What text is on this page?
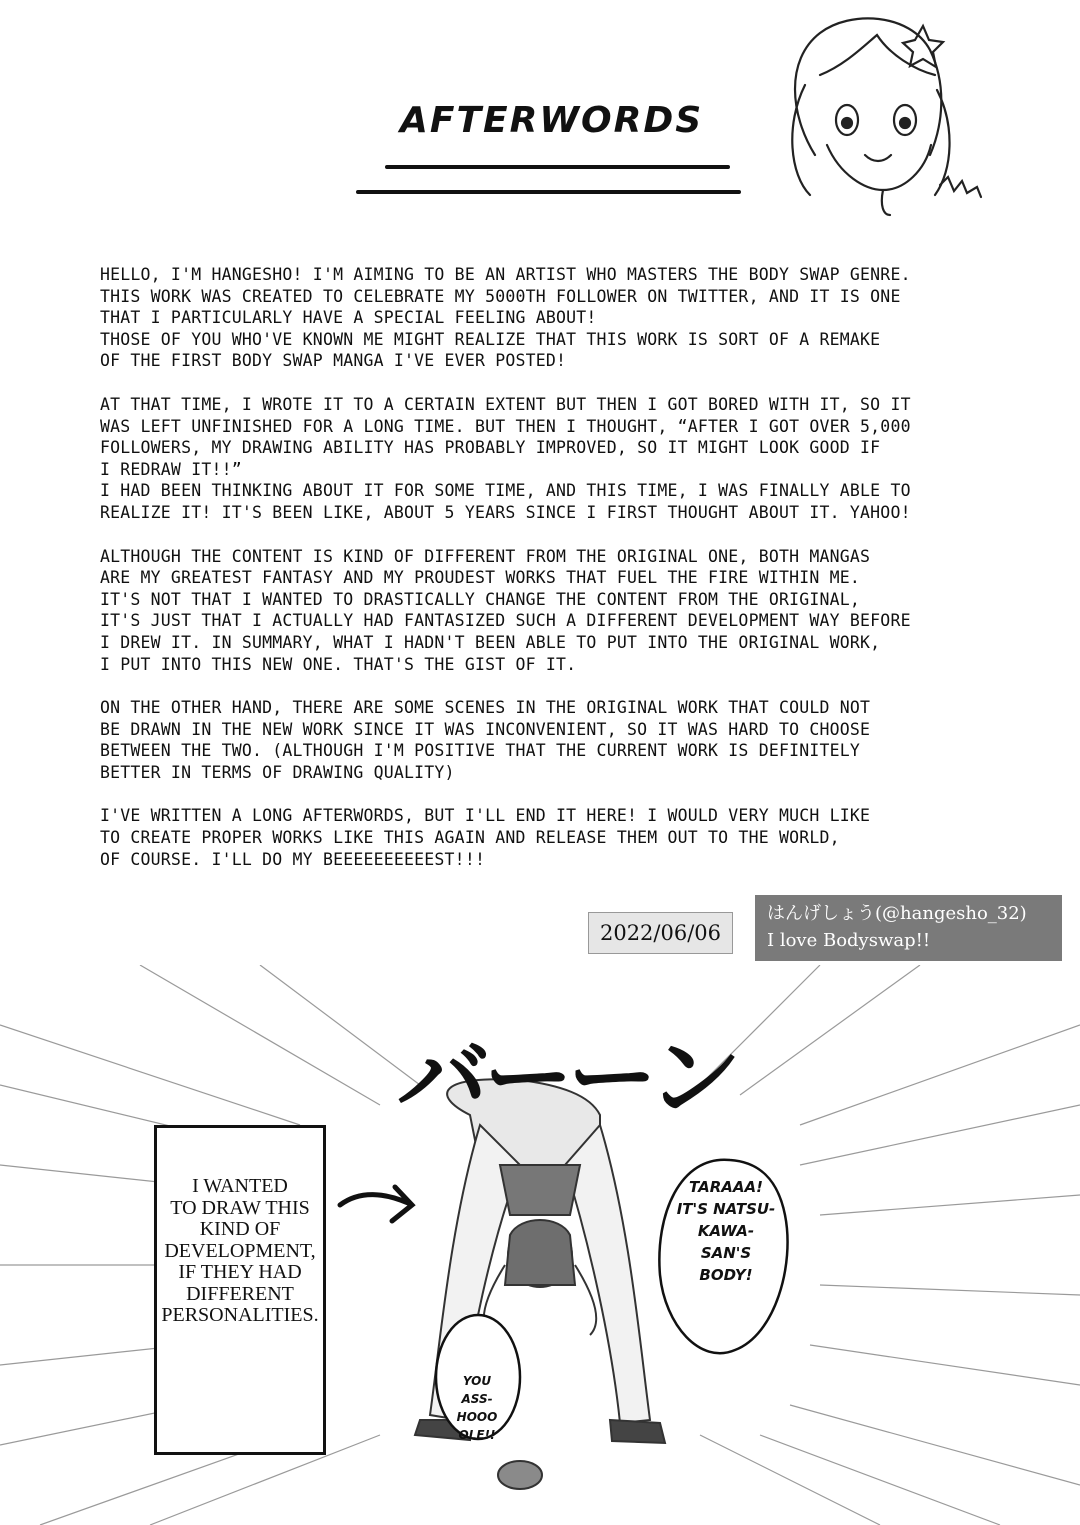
AFTERWORDS

HELLO, I'M HANGESHO! I'M AIMING TO BE AN ARTIST WHO MASTERS THE BODY SWAP GENRE.
THIS WORK WAS CREATED TO CELEBRATE MY 5000TH FOLLOWER ON TWITTER, AND IT IS ONE
THAT I PARTICULARLY HAVE A SPECIAL FEELING ABOUT!
THOSE OF YOU WHO'VE KNOWN ME MIGHT REALIZE THAT THIS WORK IS SORT OF A REMAKE
OF THE FIRST BODY SWAP MANGA I'VE EVER POSTED!

AT THAT TIME, I WROTE IT TO A CERTAIN EXTENT BUT THEN I GOT BORED WITH IT, SO IT
WAS LEFT UNFINISHED FOR A LONG TIME. BUT THEN I THOUGHT, “AFTER I GOT OVER 5,000
FOLLOWERS, MY DRAWING ABILITY HAS PROBABLY IMPROVED, SO IT MIGHT LOOK GOOD IF
I REDRAW IT!!”
I HAD BEEN THINKING ABOUT IT FOR SOME TIME, AND THIS TIME, I WAS FINALLY ABLE TO
REALIZE IT! IT'S BEEN LIKE, ABOUT 5 YEARS SINCE I FIRST THOUGHT ABOUT IT. YAHOO!

ALTHOUGH THE CONTENT IS KIND OF DIFFERENT FROM THE ORIGINAL ONE, BOTH MANGAS
ARE MY GREATEST FANTASY AND MY PROUDEST WORKS THAT FUEL THE FIRE WITHIN ME.
IT'S NOT THAT I WANTED TO DRASTICALLY CHANGE THE CONTENT FROM THE ORIGINAL,
IT'S JUST THAT I ACTUALLY HAD FANTASIZED SUCH A DIFFERENT DEVELOPMENT WAY BEFORE
I DREW IT. IN SUMMARY, WHAT I HADN'T BEEN ABLE TO PUT INTO THE ORIGINAL WORK,
I PUT INTO THIS NEW ONE. THAT'S THE GIST OF IT.

ON THE OTHER HAND, THERE ARE SOME SCENES IN THE ORIGINAL WORK THAT COULD NOT
BE DRAWN IN THE NEW WORK SINCE IT WAS INCONVENIENT, SO IT WAS HARD TO CHOOSE
BETWEEN THE TWO. (ALTHOUGH I'M POSITIVE THAT THE CURRENT WORK IS DEFINITELY
BETTER IN TERMS OF DRAWING QUALITY)

I'VE WRITTEN A LONG AFTERWORDS, BUT I'LL END IT HERE! I WOULD VERY MUCH LIKE
TO CREATE PROPER WORKS LIKE THIS AGAIN AND RELEASE THEM OUT TO THE WORLD,
OF COURSE. I'LL DO MY BEEEEEEEEEEST!!!

2022/06/06
はんげしょう(@hangesho_32)
I love Bodyswap!!
バーーン
I WANTED
TO DRAW THIS
KIND OF
DEVELOPMENT,
IF THEY HAD
DIFFERENT
PERSONALITIES.
TARAAA!
IT'S NATSU-
KAWA-SAN'S
BODY!
YOU
ASS-
HOOO
OLE!!
